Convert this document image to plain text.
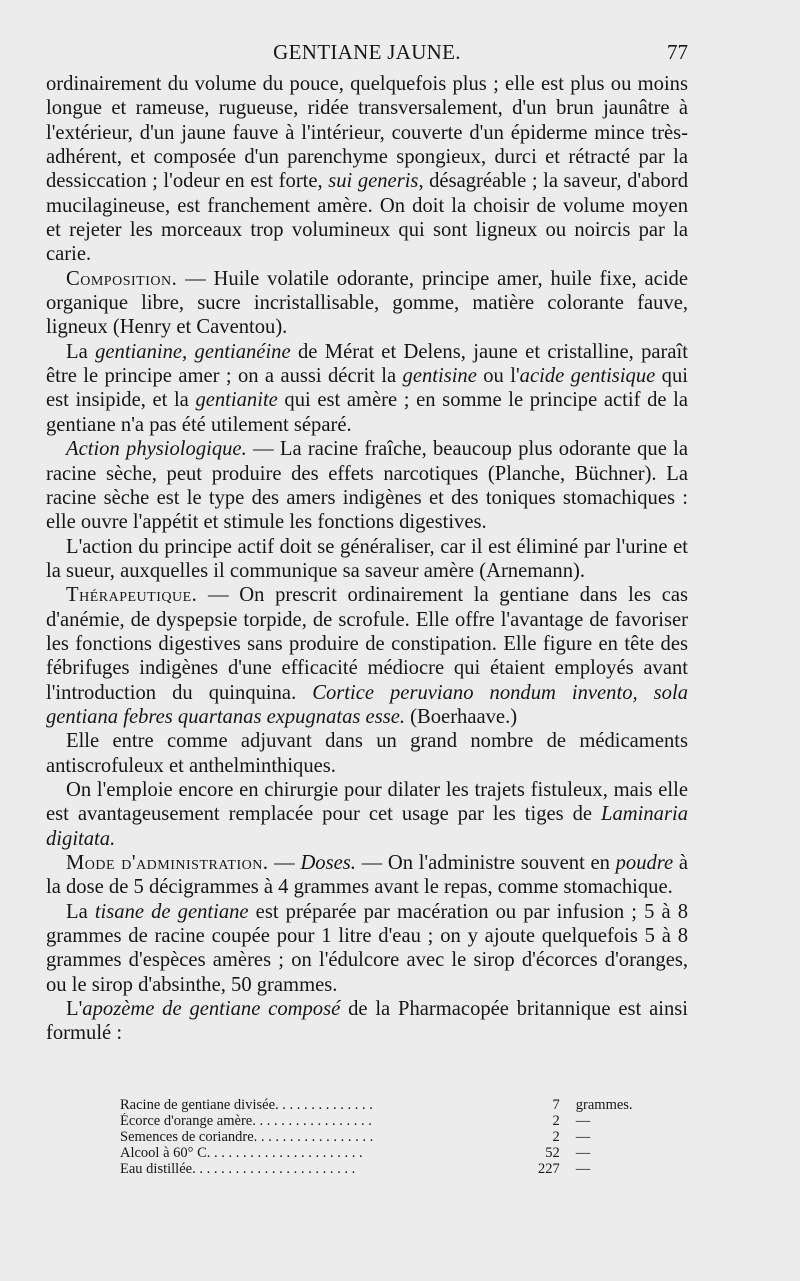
GENTIANE JAUNE.	77

ordinairement du volume du pouce, quelquefois plus ; elle est plus ou moins longue et rameuse, rugueuse, ridée transversalement, d'un brun jaunâtre à l'extérieur, d'un jaune fauve à l'intérieur, couverte d'un épiderme mince très-adhérent, et composée d'un parenchyme spongieux, durci et rétracté par la dessiccation ; l'odeur en est forte, sui generis, désagréable ; la saveur, d'abord mucilagineuse, est franchement amère. On doit la choisir de volume moyen et rejeter les morceaux trop volumineux qui sont ligneux ou noircis par la carie.

Composition. — Huile volatile odorante, principe amer, huile fixe, acide organique libre, sucre incristallisable, gomme, matière colorante fauve, ligneux (Henry et Caventou).

La gentianine, gentianéine de Mérat et Delens, jaune et cristalline, paraît être le principe amer ; on a aussi décrit la gentisine ou l'acide gentisique qui est insipide, et la gentianite qui est amère ; en somme le principe actif de la gentiane n'a pas été utilement séparé.

Action physiologique. — La racine fraîche, beaucoup plus odorante que la racine sèche, peut produire des effets narcotiques (Planche, Büchner). La racine sèche est le type des amers indigènes et des toniques stomachiques : elle ouvre l'appétit et stimule les fonctions digestives.

L'action du principe actif doit se généraliser, car il est éliminé par l'urine et la sueur, auxquelles il communique sa saveur amère (Arnemann).

Thérapeutique. — On prescrit ordinairement la gentiane dans les cas d'anémie, de dyspepsie torpide, de scrofule. Elle offre l'avantage de favoriser les fonctions digestives sans produire de constipation. Elle figure en tête des fébrifuges indigènes d'une efficacité médiocre qui étaient employés avant l'introduction du quinquina. Cortice peruviano nondum invento, sola gentiana febres quartanas expugnatas esse. (Boerhaave.)

Elle entre comme adjuvant dans un grand nombre de médicaments antiscrofuleux et anthelminthiques.

On l'emploie encore en chirurgie pour dilater les trajets fistuleux, mais elle est avantageusement remplacée pour cet usage par les tiges de Laminaria digitata.

Mode d'administration. — Doses. — On l'administre souvent en poudre à la dose de 5 décigrammes à 4 grammes avant le repas, comme stomachique.

La tisane de gentiane est préparée par macération ou par infusion ; 5 à 8 grammes de racine coupée pour 1 litre d'eau ; on y ajoute quelquefois 5 à 8 grammes d'espèces amères ; on l'édulcore avec le sirop d'écorces d'oranges, ou le sirop d'absinthe, 50 grammes.

L'apozème de gentiane composé de la Pharmacopée britannique est ainsi formulé :

Racine de gentiane divisée. . . . . . . . . . . . . .	7	grammes.
Écorce d'orange amère. . . . . . . . . . . . . . . . .	2	—
Semences de coriandre. . . . . . . . . . . . . . . . .	2	—
Alcool à 60° C. . . . . . . . . . . . . . . . . . . . . .	52	—
Eau distillée. . . . . . . . . . . . . . . . . . . . . . .	227	—
